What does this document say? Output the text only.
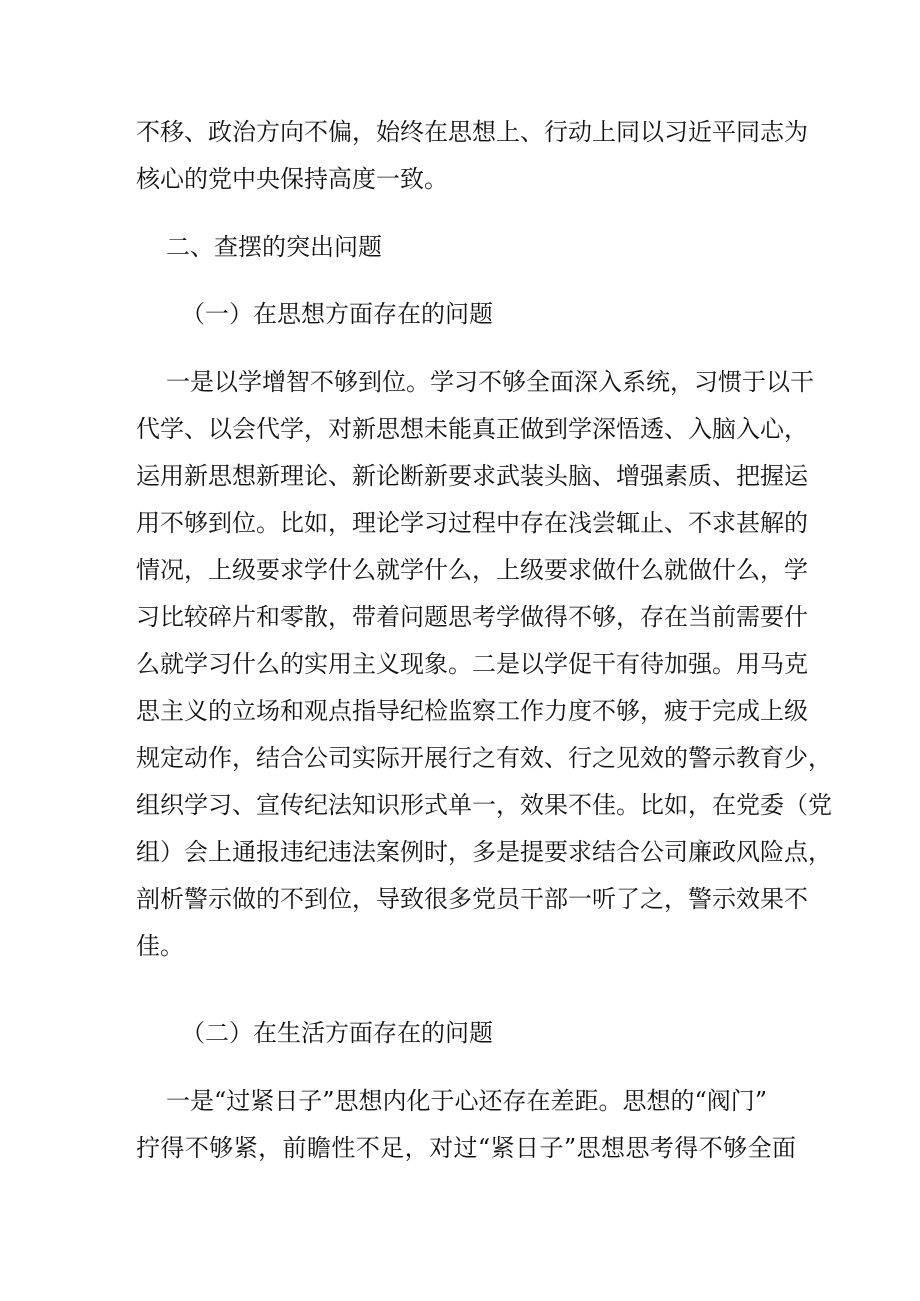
不移、政治方向不偏，始终在思想上、行动上同以习近平同志为

核心的党中央保持高度一致。

二、查摆的突出问题

（一）在思想方面存在的问题

一是以学增智不够到位。学习不够全面深入系统，习惯于以干

代学、以会代学，对新思想未能真正做到学深悟透、入脑入心，

运用新思想新理论、新论断新要求武装头脑、增强素质、把握运

用不够到位。比如，理论学习过程中存在浅尝辄止、不求甚解的

情况，上级要求学什么就学什么，上级要求做什么就做什么，学

习比较碎片和零散，带着问题思考学做得不够，存在当前需要什

么就学习什么的实用主义现象。二是以学促干有待加强。用马克

思主义的立场和观点指导纪检监察工作力度不够，疲于完成上级

规定动作，结合公司实际开展行之有效、行之见效的警示教育少，

组织学习、宣传纪法知识形式单一，效果不佳。比如，在党委（党

组）会上通报违纪违法案例时，多是提要求结合公司廉政风险点，

剖析警示做的不到位，导致很多党员干部一听了之，警示效果不

佳。

（二）在生活方面存在的问题

一是“过紧日子”思想内化于心还存在差距。思想的“阀门”

拧得不够紧，前瞻性不足，对过“紧日子”思想思考得不够全面
